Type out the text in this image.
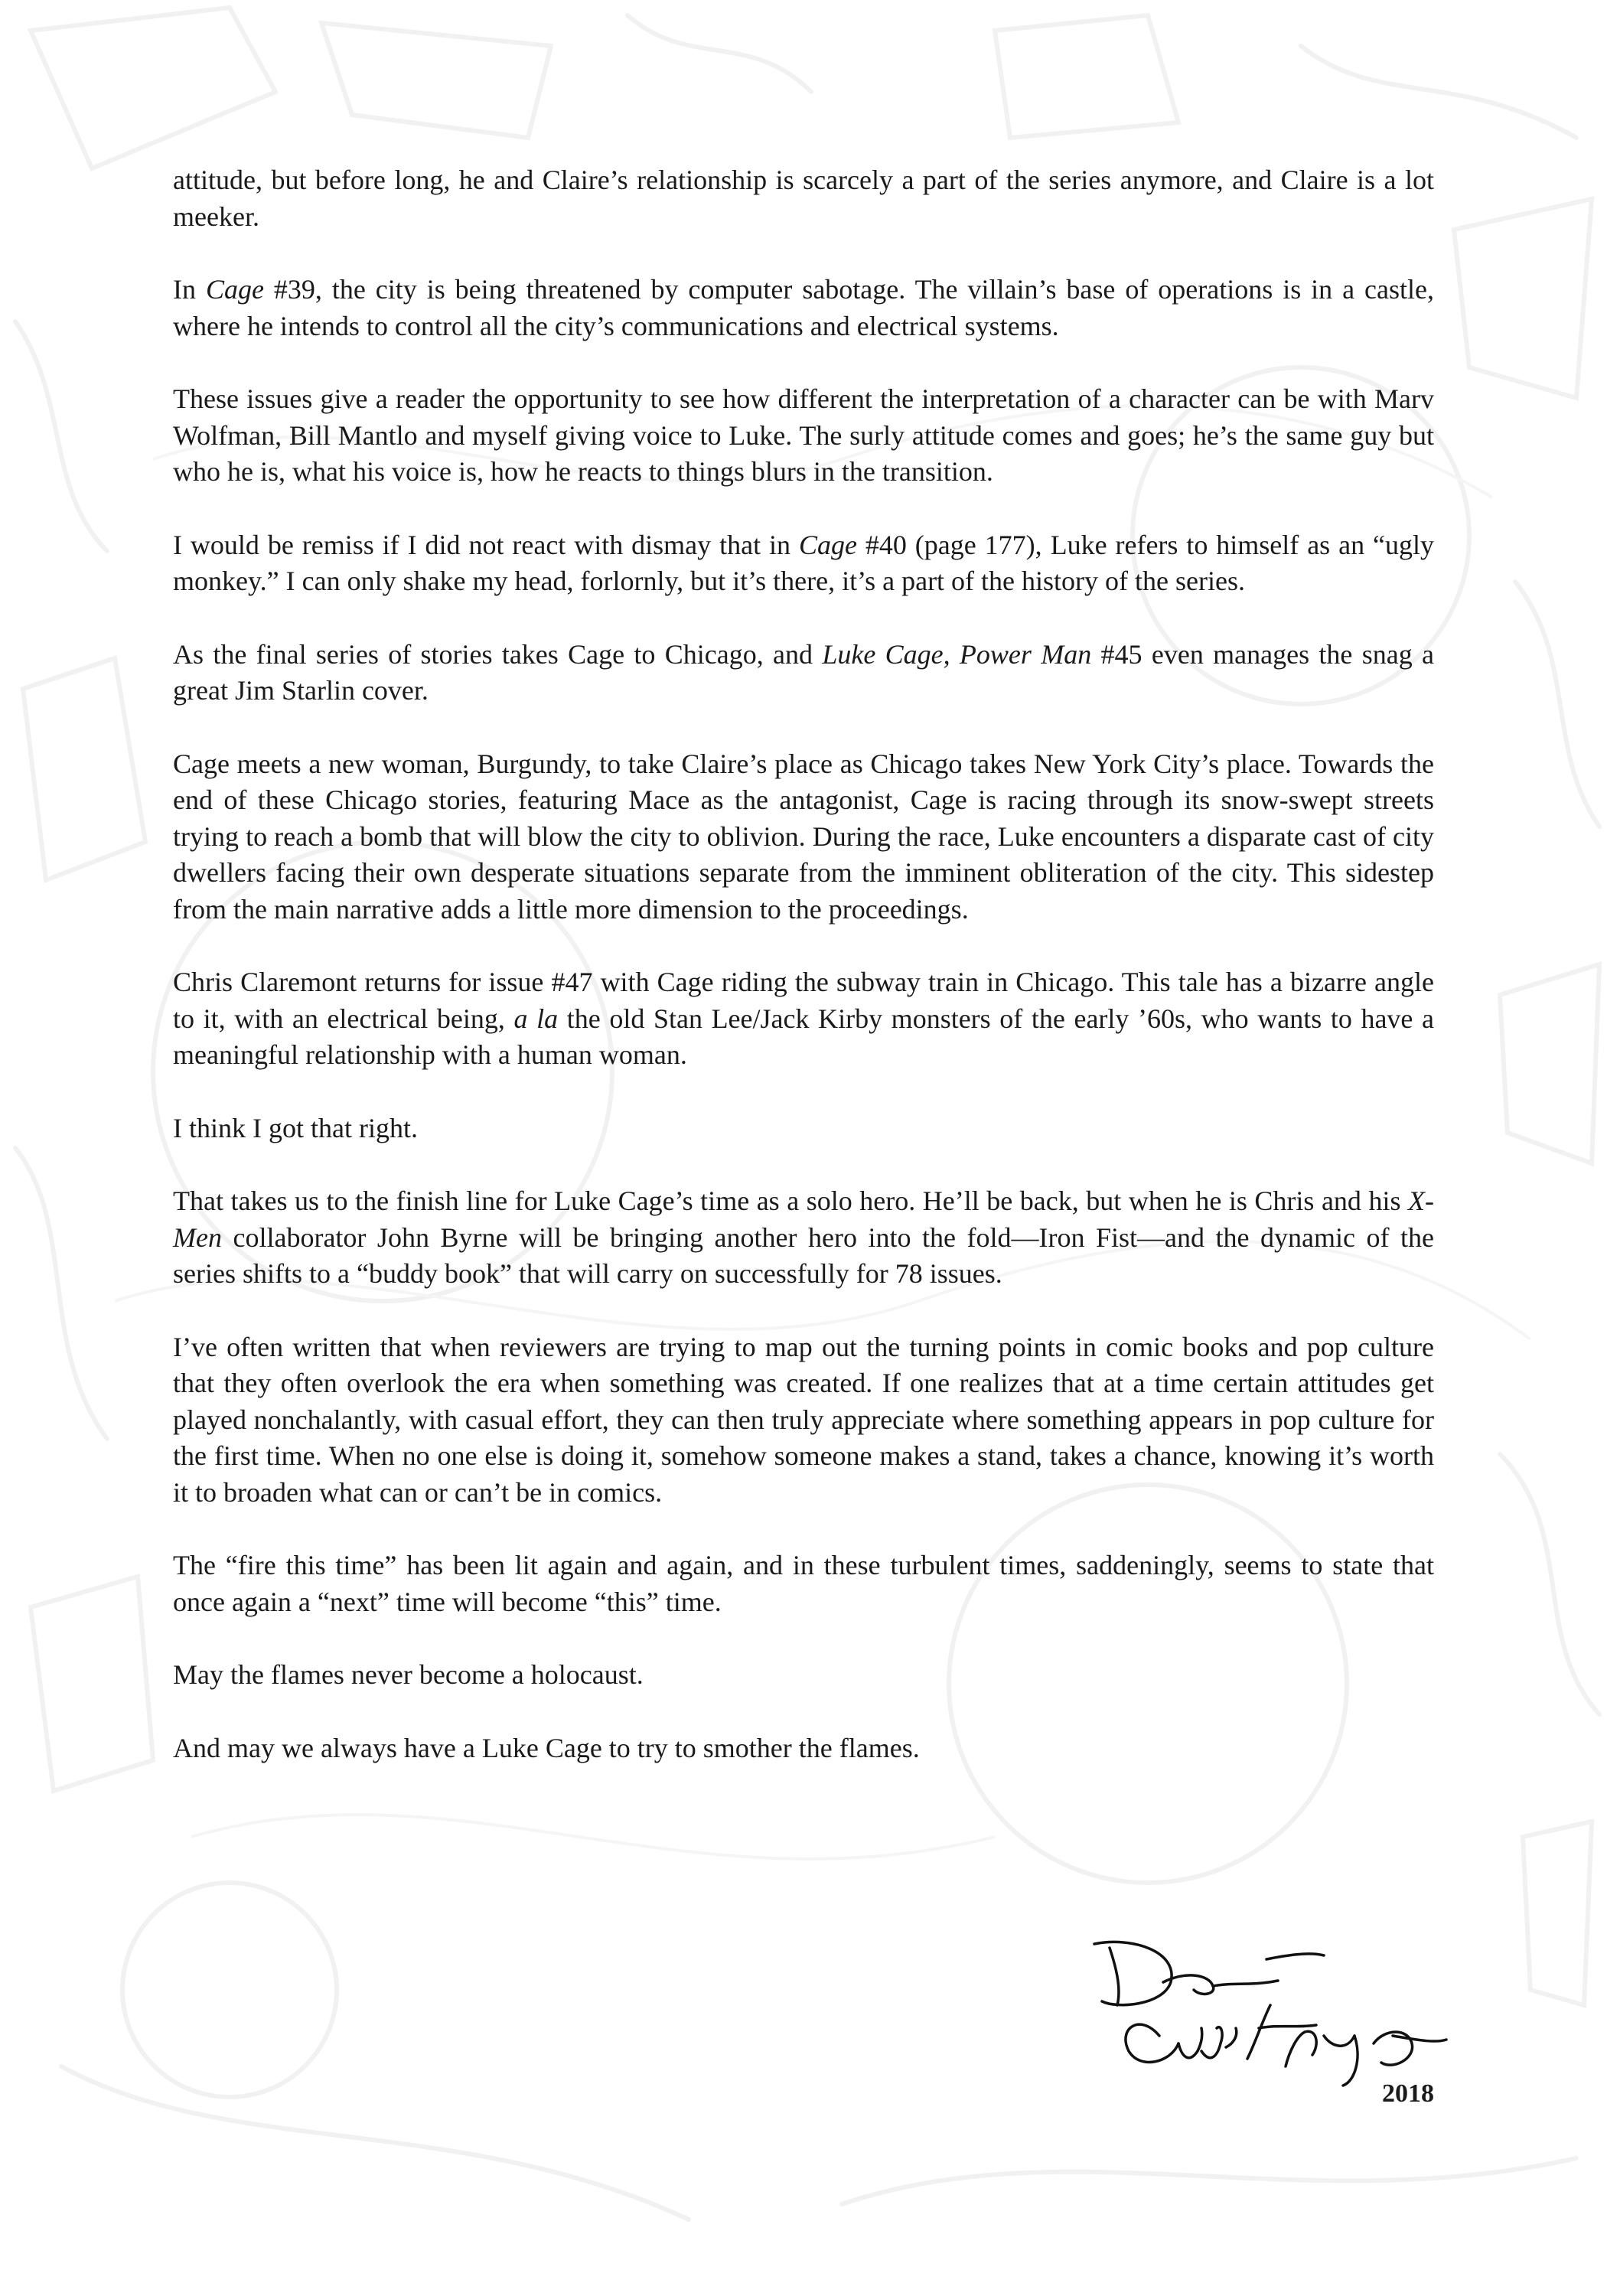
attitude, but before long, he and Claire’s relationship is scarcely a part of the series anymore, and Claire is a lot meeker.

In Cage #39, the city is being threatened by computer sabotage. The villain’s base of operations is in a castle, where he intends to control all the city’s communications and electrical systems.

These issues give a reader the opportunity to see how different the interpretation of a character can be with Marv Wolfman, Bill Mantlo and myself giving voice to Luke. The surly attitude comes and goes; he’s the same guy but who he is, what his voice is, how he reacts to things blurs in the transition.

I would be remiss if I did not react with dismay that in Cage #40 (page 177), Luke refers to himself as an “ugly monkey.” I can only shake my head, forlornly, but it’s there, it’s a part of the history of the series.

As the final series of stories takes Cage to Chicago, and Luke Cage, Power Man #45 even manages the snag a great Jim Starlin cover.

Cage meets a new woman, Burgundy, to take Claire’s place as Chicago takes New York City’s place. Towards the end of these Chicago stories, featuring Mace as the antagonist, Cage is racing through its snow-swept streets trying to reach a bomb that will blow the city to oblivion. During the race, Luke encounters a disparate cast of city dwellers facing their own desperate situations separate from the imminent obliteration of the city. This sidestep from the main narrative adds a little more dimension to the proceedings.

Chris Claremont returns for issue #47 with Cage riding the subway train in Chicago. This tale has a bizarre angle to it, with an electrical being, a la the old Stan Lee/Jack Kirby monsters of the early ’60s, who wants to have a meaningful relationship with a human woman.

I think I got that right.

That takes us to the finish line for Luke Cage’s time as a solo hero. He’ll be back, but when he is Chris and his X-Men collaborator John Byrne will be bringing another hero into the fold—Iron Fist—and the dynamic of the series shifts to a “buddy book” that will carry on successfully for 78 issues.

I’ve often written that when reviewers are trying to map out the turning points in comic books and pop culture that they often overlook the era when something was created. If one realizes that at a time certain attitudes get played nonchalantly, with casual effort, they can then truly appreciate where something appears in pop culture for the first time. When no one else is doing it, somehow someone makes a stand, takes a chance, knowing it’s worth it to broaden what can or can’t be in comics.

The “fire this time” has been lit again and again, and in these turbulent times, saddeningly, seems to state that once again a “next” time will become “this” time.

May the flames never become a holocaust.

And may we always have a Luke Cage to try to smother the flames.

2018
